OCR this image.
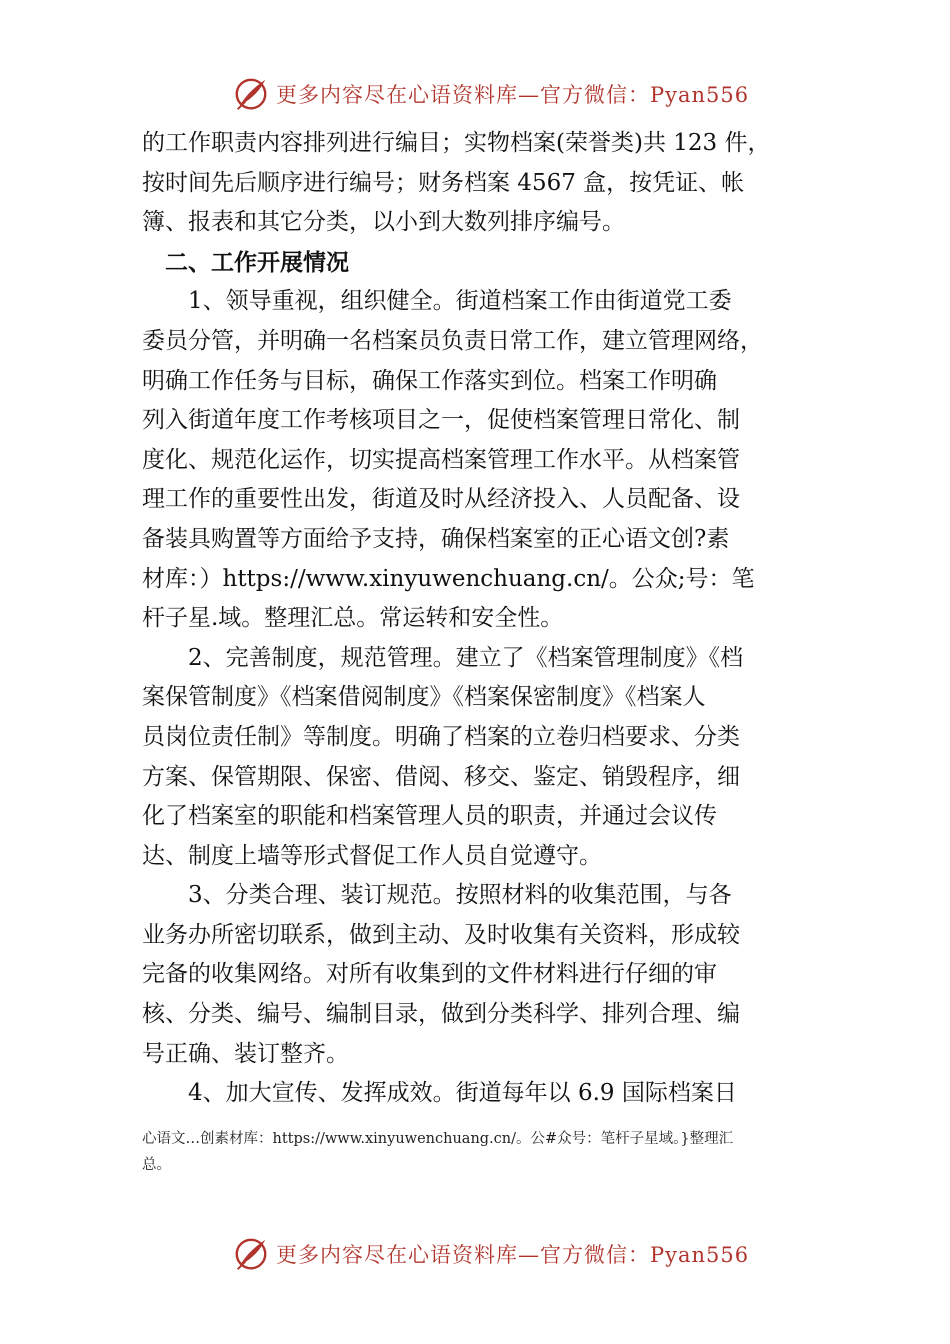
更多内容尽在心语资料库—官方微信：Pyan556
的工作职责内容排列进行编目；实物档案(荣誉类)共 123 件，
按时间先后顺序进行编号；财务档案 4567 盒，按凭证、帐
簿、报表和其它分类，以小到大数列排序编号。
　二、工作开展情况
　　1、领导重视，组织健全。街道档案工作由街道党工委
委员分管，并明确一名档案员负责日常工作，建立管理网络，
明确工作任务与目标，确保工作落实到位。档案工作明确
列入街道年度工作考核项目之一，促使档案管理日常化、制
度化、规范化运作，切实提高档案管理工作水平。从档案管
理工作的重要性出发，街道及时从经济投入、人员配备、设
备装具购置等方面给予支持，确保档案室的正心语文创?素
材库：）https://www.xinyuwenchuang.cn/。公众;号：笔
杆子星.域。整理汇总。常运转和安全性。
　　2、完善制度，规范管理。建立了《档案管理制度》《档
案保管制度》《档案借阅制度》《档案保密制度》《档案人
员岗位责任制》等制度。明确了档案的立卷归档要求、分类
方案、保管期限、保密、借阅、移交、鉴定、销毁程序，细
化了档案室的职能和档案管理人员的职责，并通过会议传
达、制度上墙等形式督促工作人员自觉遵守。
　　3、分类合理、装订规范。按照材料的收集范围，与各
业务办所密切联系，做到主动、及时收集有关资料，形成较
完备的收集网络。对所有收集到的文件材料进行仔细的审
核、分类、编号、编制目录，做到分类科学、排列合理、编
号正确、装订整齐。
　　4、加大宣传、发挥成效。街道每年以 6.9 国际档案日
心语文…创素材库：https://www.xinyuwenchuang.cn/。公#众号：笔杆子星域。}整理汇
总。
更多内容尽在心语资料库—官方微信：Pyan556
